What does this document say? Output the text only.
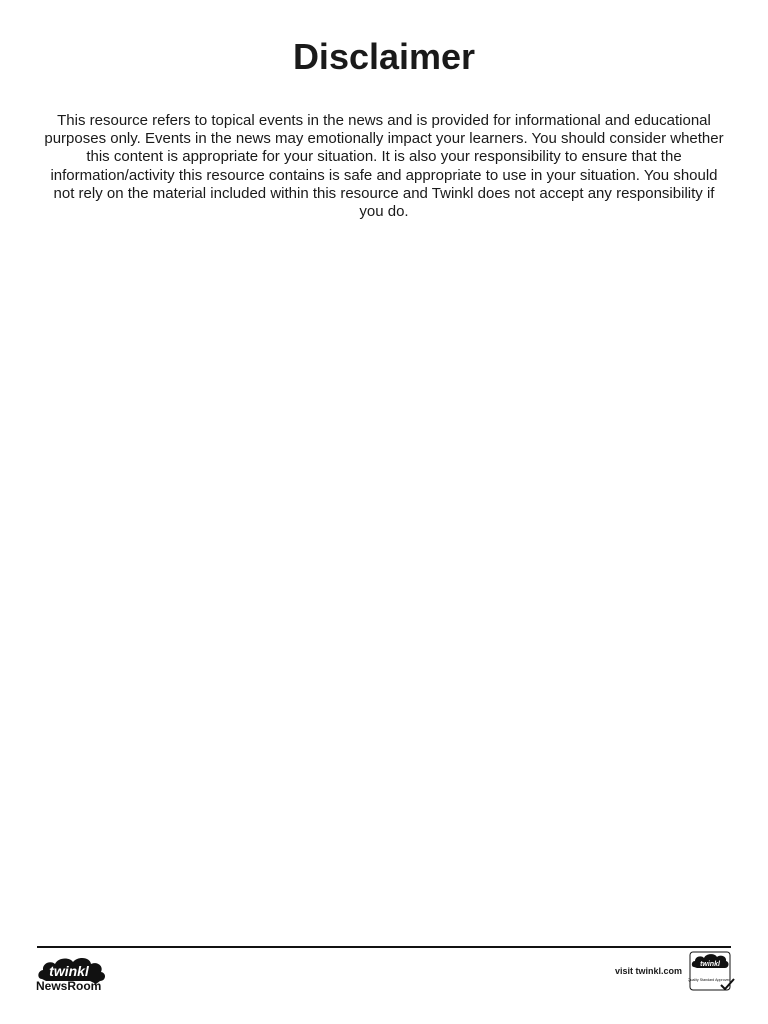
Disclaimer

This resource refers to topical events in the news and is provided for informational and educational purposes only. Events in the news may emotionally impact your learners. You should consider whether this content is appropriate for your situation. It is also your responsibility to ensure that the information/activity this resource contains is safe and appropriate to use in your situation. You should not rely on the material included within this resource and Twinkl does not accept any responsibility if you do.

twinkl
NewsRoom
visit twinkl.com
twinkl
Quality Standard Approved
